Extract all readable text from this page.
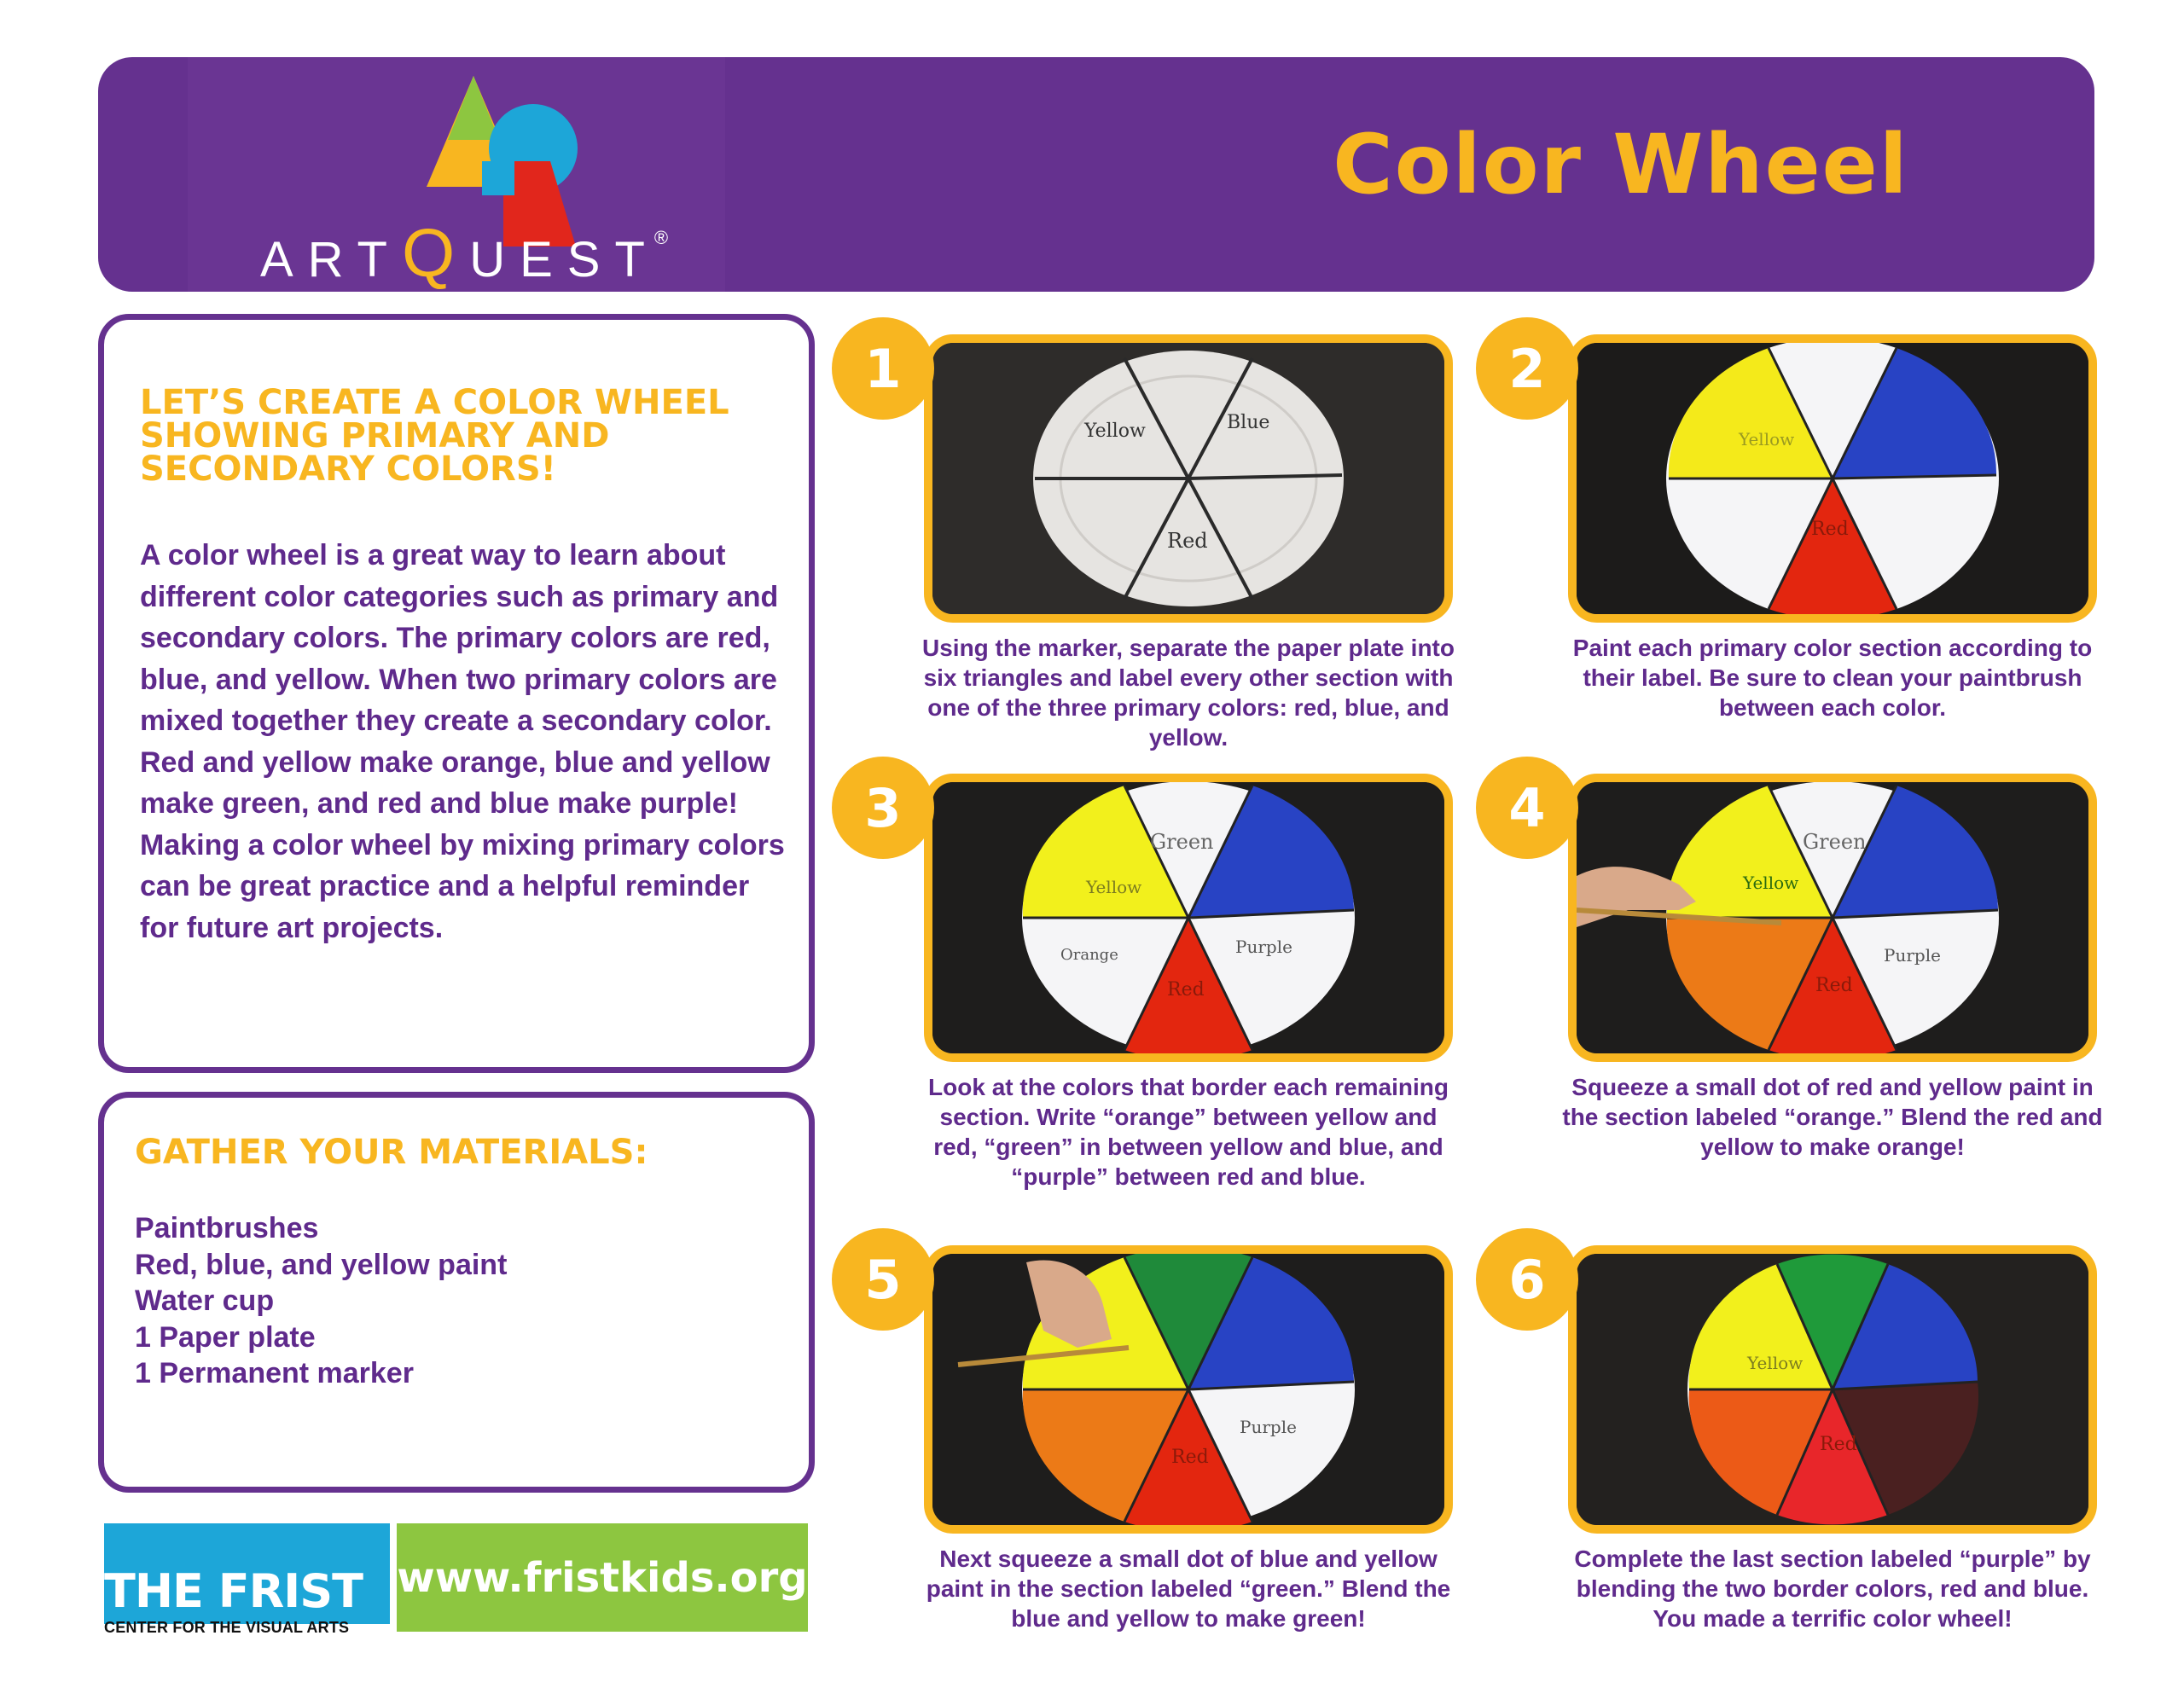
ART Q UEST
®
Color Wheel
LET’S CREATE A COLOR WHEEL SHOWING PRIMARY AND SECONDARY COLORS!

A color wheel is a great way to learn about different color categories such as primary and secondary colors. The primary colors are red, blue, and yellow. When two primary colors are mixed together they create a secondary color. Red and yellow make orange, blue and yellow make green, and red and blue make purple! Making a color wheel by mixing primary colors can be great practice and a helpful reminder for future art projects.

GATHER YOUR MATERIALS:
Paintbrushes
Red, blue, and yellow paint
Water cup
1 Paper plate
1 Permanent marker
THE FRIST
CENTER FOR THE VISUAL ARTS
www.fristkids.org
Yellow	Blue
Red
1
Using the marker, separate the paper plate into six triangles and label every other section with one of the three primary colors: red, blue, and yellow.
Yellow
Red
2
Paint each primary color section according to their label. Be sure to clean your paintbrush between each color.
Green
Yellow
Orange	Purple
Red
3
Look at the colors that border each remaining section. Write “orange” between yellow and red, “green” in between yellow and blue, and “purple” between red and blue.
Green
Yellow
Purple
Red
4
Squeeze a small dot of red and yellow paint in the section labeled “orange.” Blend the red and yellow to make orange!
Purple
Red
5
Next squeeze a small dot of blue and yellow paint in the section labeled “green.” Blend the blue and yellow to make green!
Yellow
Red
6
Complete the last section labeled “purple” by blending the two border colors, red and blue. You made a terrific color wheel!
